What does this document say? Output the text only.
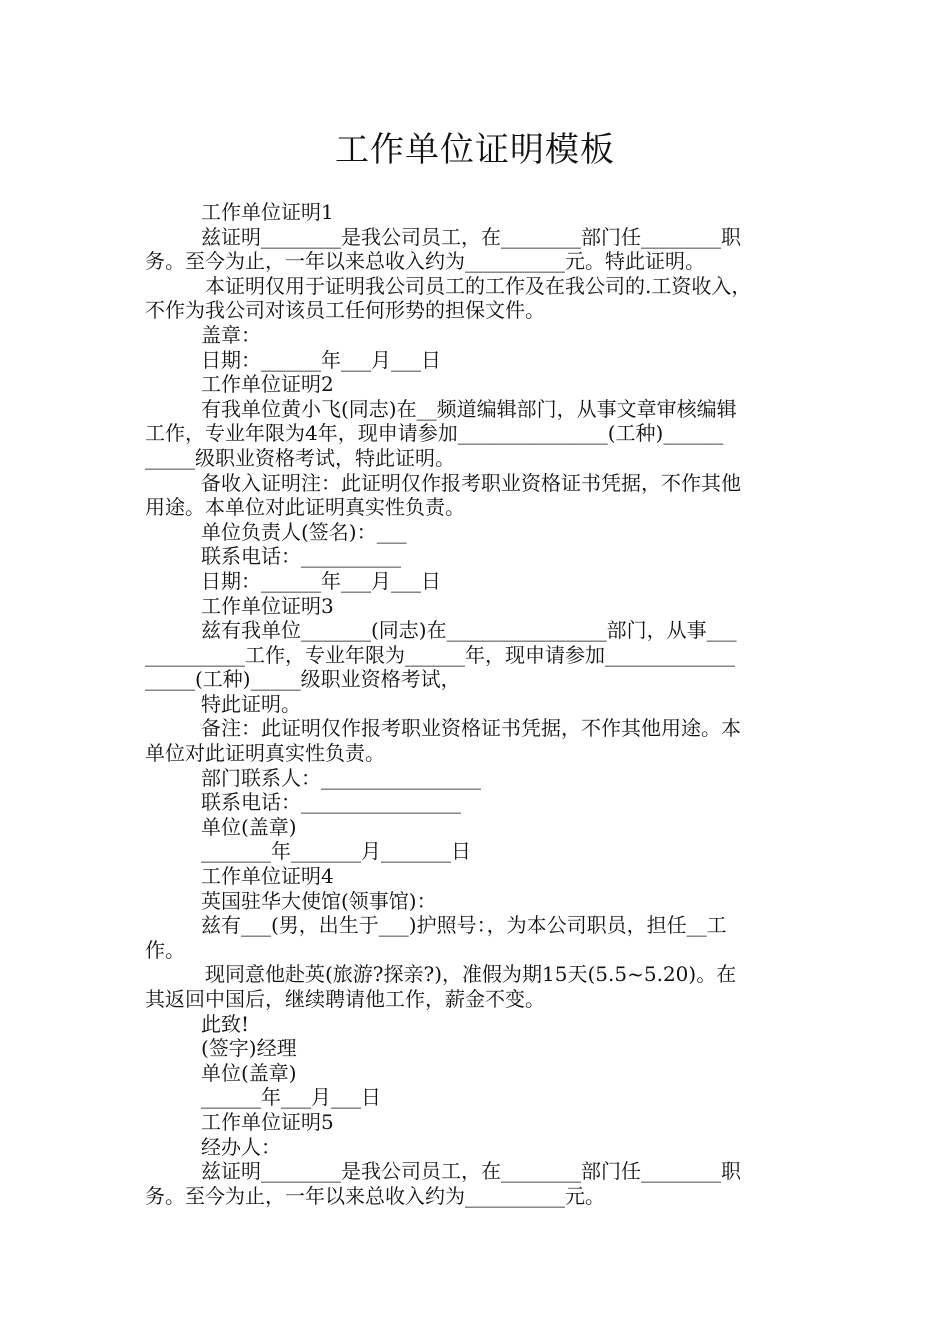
工作单位证明模板
工作单位证明1
兹证明________是我公司员工，在________部门任________职
务。至今为止，一年以来总收入约为__________元。特此证明。
本证明仅用于证明我公司员工的工作及在我公司的.工资收入，
不作为我公司对该员工任何形势的担保文件。
盖章：
日期：______年___月___日
工作单位证明2
有我单位黄小飞(同志)在__频道编辑部门，从事文章审核编辑
工作，专业年限为4年，现申请参加_______________(工种)______
_____级职业资格考试，特此证明。
备收入证明注：此证明仅作报考职业资格证书凭据，不作其他
用途。本单位对此证明真实性负责。
单位负责人(签名)：___
联系电话：__________
日期：______年___月___日
工作单位证明3
兹有我单位_______(同志)在________________部门，从事___
__________工作，专业年限为______年，现申请参加_____________
_____(工种)_____级职业资格考试，
特此证明。
备注：此证明仅作报考职业资格证书凭据，不作其他用途。本
单位对此证明真实性负责。
部门联系人：________________
联系电话：________________
单位(盖章)
_______年_______月_______日
工作单位证明4
英国驻华大使馆(领事馆)：
兹有___(男，出生于___)护照号：，为本公司职员，担任__工
作。
现同意他赴英(旅游?探亲?)，准假为期15天(5.5~5.20)。在
其返回中国后，继续聘请他工作，薪金不变。
此致!
(签字)经理
单位(盖章)
______年___月___日
工作单位证明5
经办人：
兹证明________是我公司员工，在________部门任________职
务。至今为止，一年以来总收入约为__________元。
